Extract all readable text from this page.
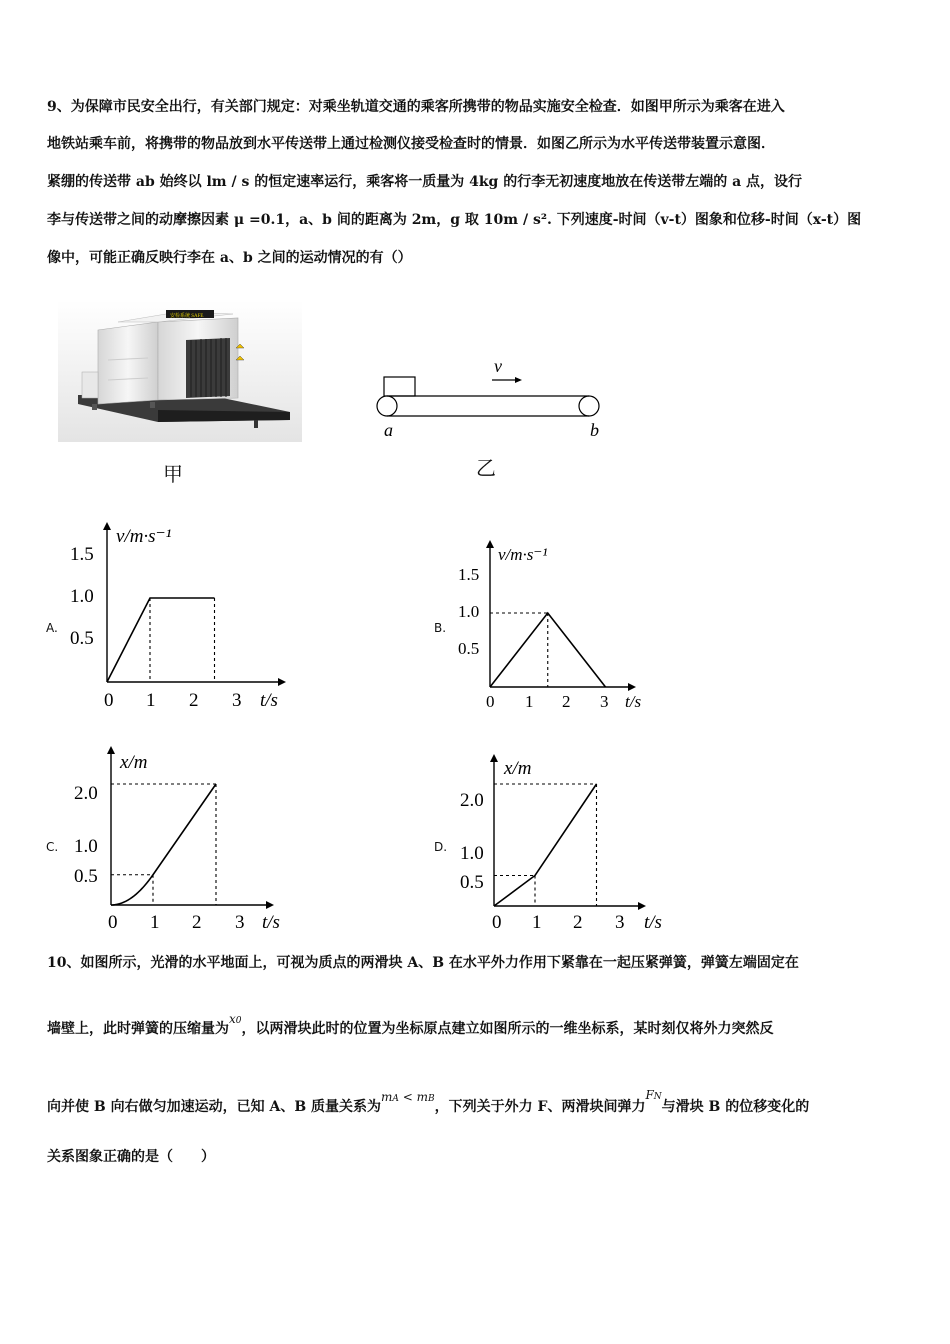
9、为保障市民安全出行，有关部门规定：对乘坐轨道交通的乘客所携带的物品实施安全检查．如图甲所示为乘客在进入
地铁站乘车前，将携带的物品放到水平传送带上通过检测仪接受检查时的情景．如图乙所示为水平传送带装置示意图．
紧绷的传送带 ab 始终以 lm / s 的恒定速率运行，乘客将一质量为 4kg 的行李无初速度地放在传送带左端的 a 点，设行
李与传送带之间的动摩擦因素 μ =0.1，a、b 间的距离为 2m，g 取 10m / s². 下列速度-时间（v-t）图象和位移-时间（x-t）图
像中，可能正确反映行李在 a、b 之间的运动情况的有（）
安检系统 SAFE
甲
v
a	b
乙
A.	B.
C.	D.
v/m·s⁻¹
t/s
1.5
1.0
0.5
0 1 2 3
v/m·s⁻¹
t/s
1.5
1.0
0.5
0 1 2 3
x/m
t/s
2.0
1.0
0.5
0 1 2 3
x/m
t/s
2.0
1.0
0.5
0 1 2 3
10、如图所示，光滑的水平地面上，可视为质点的两滑块 A、B 在水平外力作用下紧靠在一起压紧弹簧，弹簧左端固定在
墙壁上，此时弹簧的压缩量为x0，以两滑块此时的位置为坐标原点建立如图所示的一维坐标系，某时刻仅将外力突然反
向并使 B 向右做匀加速运动，已知 A、B 质量关系为mA < mB，下列关于外力 F、两滑块间弹力FN与滑块 B 的位移变化的
关系图象正确的是（　　）
